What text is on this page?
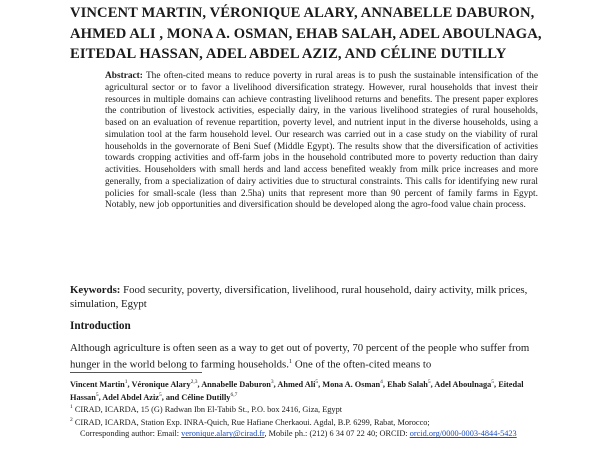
VINCENT MARTIN, VÉRONIQUE ALARY, ANNABELLE DABURON,
AHMED ALI , MONA A. OSMAN, EHAB SALAH, ADEL ABOULNAGA,
EITEDAL HASSAN, ADEL ABDEL AZIZ, AND CÉLINE DUTILLY
Abstract: The often-cited means to reduce poverty in rural areas is to push the sustainable intensification of the agricultural sector or to favor a livelihood diversification strategy. However, rural households that invest their resources in multiple domains can achieve contrasting livelihood returns and benefits. The present paper explores the contribution of livestock activities, especially dairy, in the various livelihood strategies of rural households, based on an evaluation of revenue repartition, poverty level, and nutrient input in the diverse households, using a simulation tool at the farm household level. Our research was carried out in a case study on the viability of rural households in the governorate of Beni Suef (Middle Egypt). The results show that the diversification of activities towards cropping activities and off-farm jobs in the household contributed more to poverty reduction than dairy activities. Householders with small herds and land access benefited weakly from milk price increases and more generally, from a specialization of dairy activities due to structural constraints. This calls for identifying new rural policies for small-scale (less than 2.5ha) units that represent more than 90 percent of family farms in Egypt. Notably, new job opportunities and diversification should be developed along the agro-food value chain process.
Keywords: Food security, poverty, diversification, livelihood, rural household, dairy activity, milk prices, simulation, Egypt
Introduction
Although agriculture is often seen as a way to get out of poverty, 70 percent of the people who suffer from hunger in the world belong to farming households.$^1$ One of the often-cited means to
Vincent Martin$^1$, Véronique Alary$^{2,3}$, Annabelle Daburon$^3$, Ahmed Ali$^5$, Mona A. Osman$^4$, Ehab Salah$^5$, Adel Aboulnaga$^5$, Eitedal Hassan$^5$, Adel Abdel Aziz$^5$, and Céline Dutilly$^{6,7}$
$^1$ CIRAD, ICARDA, 15 (G) Radwan Ibn El-Tabib St., P.O. box 2416, Giza, Egypt
$^2$ CIRAD, ICARDA, Station Exp. INRA-Quich, Rue Hafiane Cherkaoui. Agdal, B.P. 6299, Rabat, Morocco;
Corresponding author: Email: veronique.alary@cirad.fr, Mobile ph.: (212) 6 34 07 22 40; ORCID: orcid.org/0000-0003-4844-5423
